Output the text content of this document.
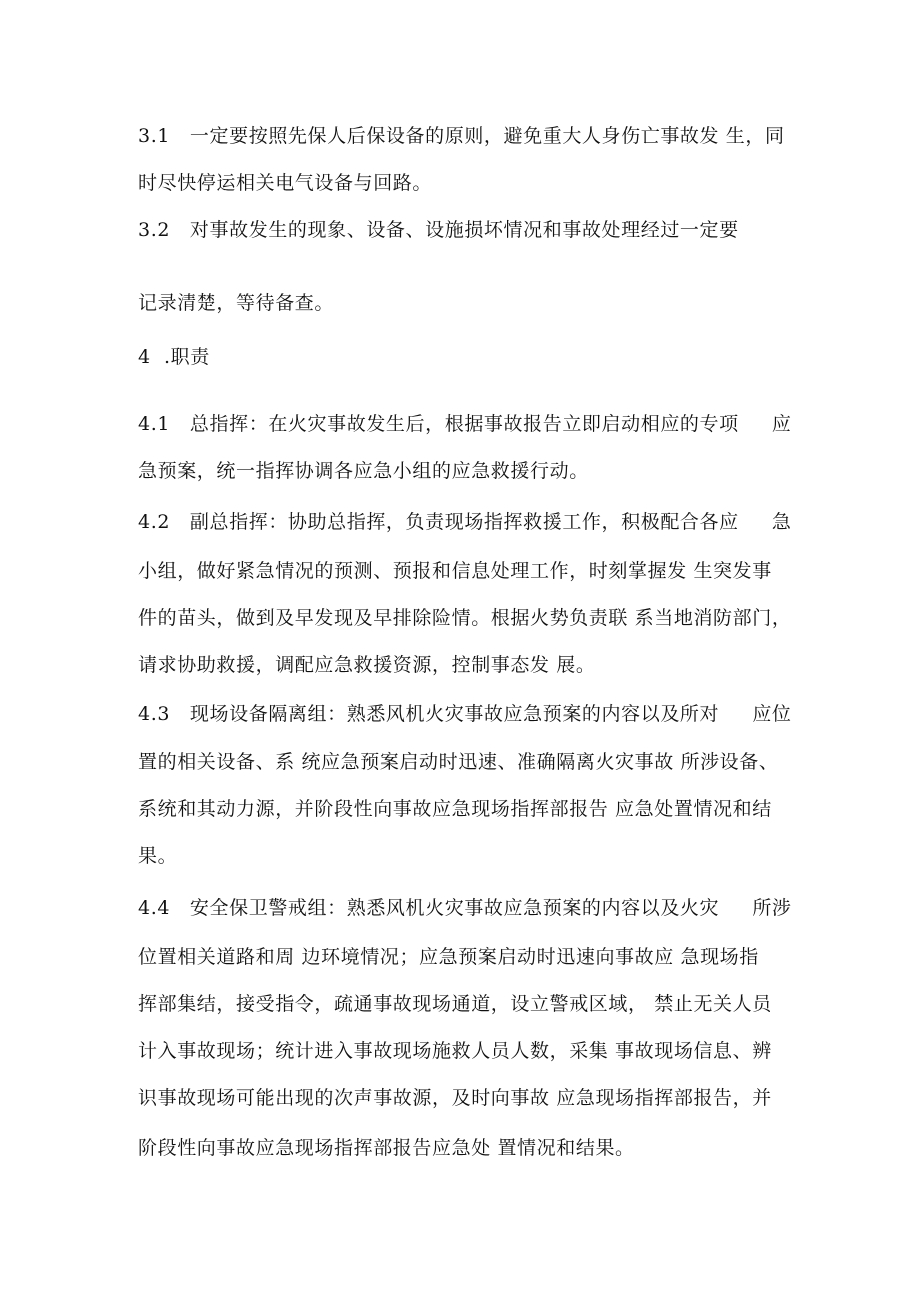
3.1   一定要按照先保人后保设备的原则，避免重大人身伤亡事故发 生，同
时尽快停运相关电气设备与回路。
3.2   对事故发生的现象、设备、设施损坏情况和事故处理经过一定要
记录清楚，等待备查。
4  .职责
4.1   总指挥：在火灾事故发生后，根据事故报告立即启动相应的专项     应
急预案，统一指挥协调各应急小组的应急救援行动。
4.2   副总指挥：协助总指挥，负责现场指挥救援工作，积极配合各应     急
小组，做好紧急情况的预测、预报和信息处理工作，时刻掌握发 生突发事
件的苗头，做到及早发现及早排除险情。根据火势负责联 系当地消防部门，
请求协助救援，调配应急救援资源，控制事态发 展。
4.3   现场设备隔离组：熟悉风机火灾事故应急预案的内容以及所对     应位
置的相关设备、系 统应急预案启动时迅速、准确隔离火灾事故 所涉设备、
系统和其动力源，并阶段性向事故应急现场指挥部报告 应急处置情况和结
果。
4.4   安全保卫警戒组：熟悉风机火灾事故应急预案的内容以及火灾     所涉
位置相关道路和周 边环境情况；应急预案启动时迅速向事故应 急现场指
挥部集结，接受指令，疏通事故现场通道，设立警戒区域， 禁止无关人员
计入事故现场；统计进入事故现场施救人员人数，采集 事故现场信息、辨
识事故现场可能出现的次声事故源，及时向事故 应急现场指挥部报告，并
阶段性向事故应急现场指挥部报告应急处 置情况和结果。
